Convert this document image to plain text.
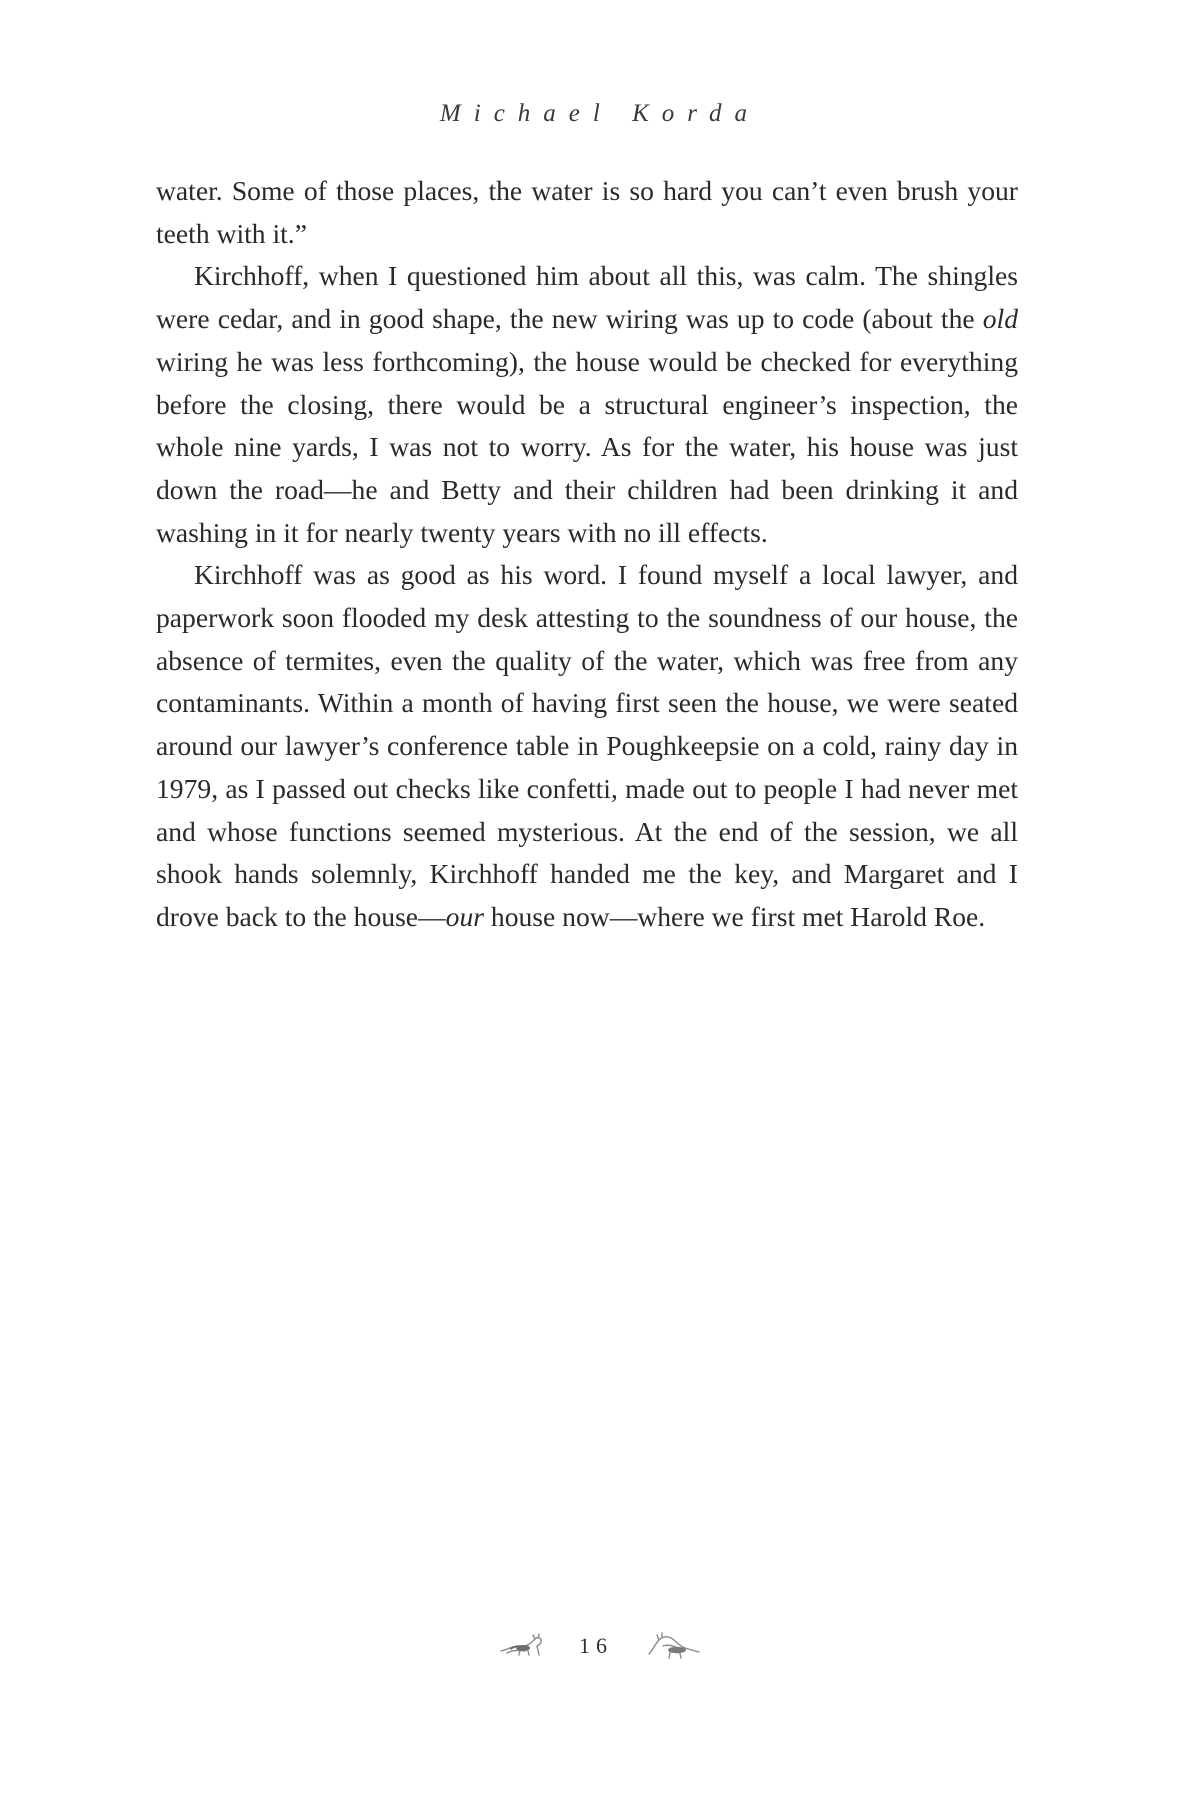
Michael Korda

water. Some of those places, the water is so hard you can’t even brush your teeth with it.”

Kirchhoff, when I questioned him about all this, was calm. The shingles were cedar, and in good shape, the new wiring was up to code (about the old wiring he was less forthcoming), the house would be checked for everything before the closing, there would be a structural engineer’s inspection, the whole nine yards, I was not to worry. As for the water, his house was just down the road—he and Betty and their children had been drinking it and washing in it for nearly twenty years with no ill effects.

Kirchhoff was as good as his word. I found myself a local lawyer, and paperwork soon flooded my desk attesting to the soundness of our house, the absence of termites, even the quality of the water, which was free from any contaminants. Within a month of having first seen the house, we were seated around our lawyer’s conference table in Poughkeepsie on a cold, rainy day in 1979, as I passed out checks like confetti, made out to people I had never met and whose functions seemed mysterious. At the end of the session, we all shook hands solemnly, Kirchhoff handed me the key, and Margaret and I drove back to the house—our house now—where we first met Harold Roe.

16
